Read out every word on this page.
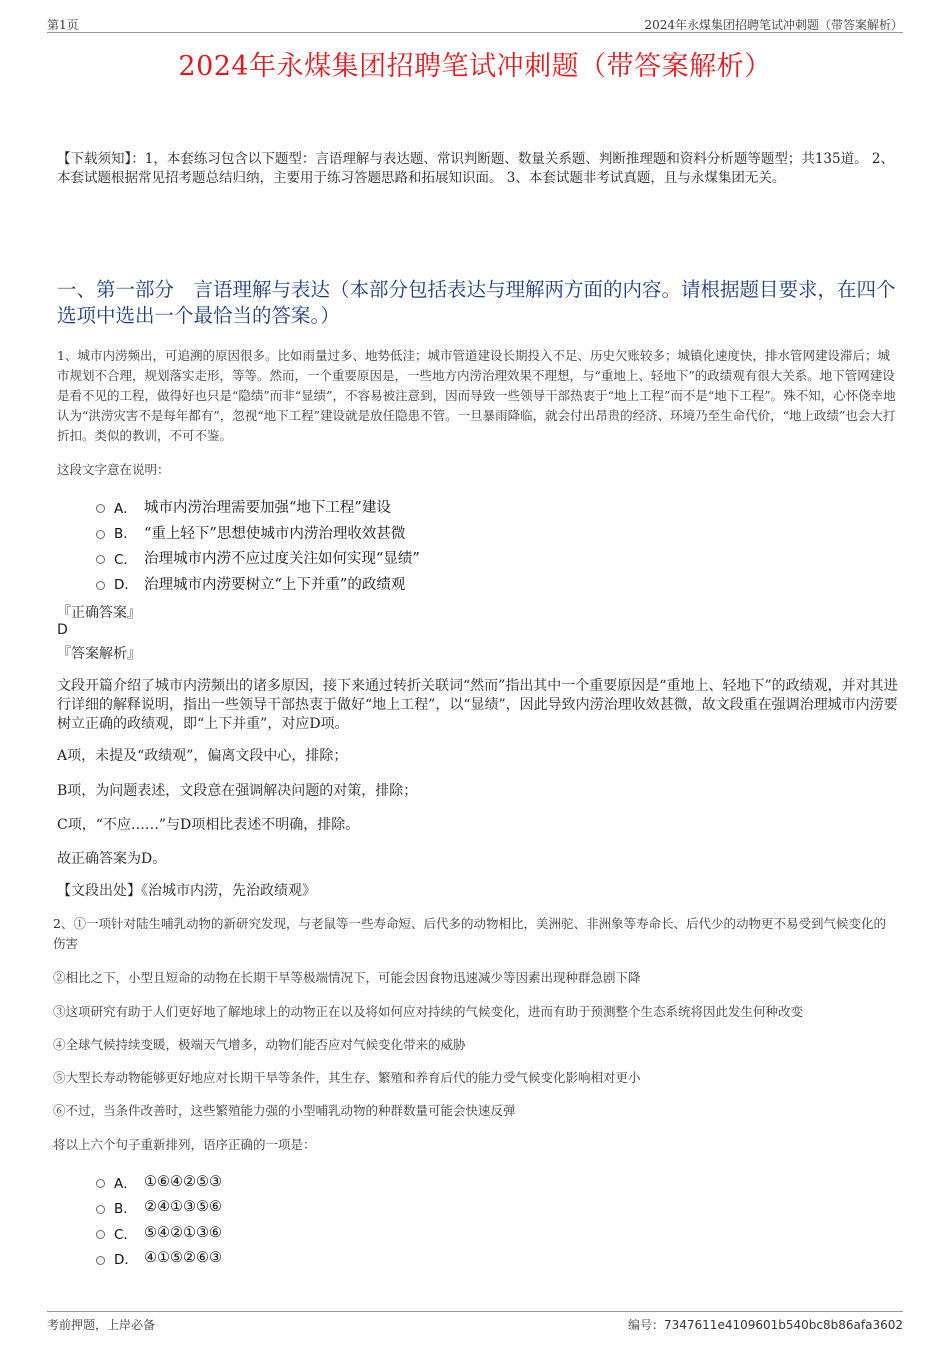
第1页	2024年永煤集团招聘笔试冲刺题（带答案解析）
2024年永煤集团招聘笔试冲刺题（带答案解析）
【下载须知】：1，本套练习包含以下题型：言语理解与表达题、常识判断题、数量关系题、判断推理题和资料分析题等题型；共135道。 2、本套试题根据常见招考题总结归纳，主要用于练习答题思路和拓展知识面。 3、本套试题非考试真题，且与永煤集团无关。
一、第一部分　言语理解与表达（本部分包括表达与理解两方面的内容。请根据题目要求，在四个选项中选出一个最恰当的答案。）
1、城市内涝频出，可追溯的原因很多。比如雨量过多、地势低洼；城市管道建设长期投入不足、历史欠账较多；城镇化速度快，排水管网建设滞后；城市规划不合理，规划落实走形，等等。然而，一个重要原因是，一些地方内涝治理效果不理想，与“重地上、轻地下”的政绩观有很大关系。地下管网建设是看不见的工程，做得好也只是“隐绩”而非“显绩”，不容易被注意到，因而导致一些领导干部热衷于“地上工程”而不是“地下工程”。殊不知，心怀侥幸地认为“洪涝灾害不是每年都有”，忽视“地下工程”建设就是放任隐患不管。一旦暴雨降临，就会付出昂贵的经济、环境乃至生命代价，“地上政绩”也会大打折扣。类似的教训，不可不鉴。
这段文字意在说明：
A． 城市内涝治理需要加强“地下工程”建设
B． “重上轻下”思想使城市内涝治理收效甚微
C． 治理城市内涝不应过度关注如何实现“显绩”
D． 治理城市内涝要树立“上下并重”的政绩观
『正确答案』
D
『答案解析』
文段开篇介绍了城市内涝频出的诸多原因，接下来通过转折关联词“然而”指出其中一个重要原因是“重地上、轻地下”的政绩观，并对其进行详细的解释说明，指出一些领导干部热衷于做好“地上工程”，以“显绩”，因此导致内涝治理收效甚微，故文段重在强调治理城市内涝要树立正确的政绩观，即“上下并重”，对应D项。
A项，未提及“政绩观”，偏离文段中心，排除；
B项，为问题表述，文段意在强调解决问题的对策，排除；
C项，“不应……”与D项相比表述不明确，排除。
故正确答案为D。
【文段出处】《治城市内涝，先治政绩观》
2、①一项针对陆生哺乳动物的新研究发现，与老鼠等一些寿命短、后代多的动物相比，美洲驼、非洲象等寿命长、后代少的动物更不易受到气候变化的伤害
②相比之下，小型且短命的动物在长期干旱等极端情况下，可能会因食物迅速减少等因素出现种群急剧下降
③这项研究有助于人们更好地了解地球上的动物正在以及将如何应对持续的气候变化，进而有助于预测整个生态系统将因此发生何种改变
④全球气候持续变暖，极端天气增多，动物们能否应对气候变化带来的威胁
⑤大型长寿动物能够更好地应对长期干旱等条件，其生存、繁殖和养育后代的能力受气候变化影响相对更小
⑥不过，当条件改善时，这些繁殖能力强的小型哺乳动物的种群数量可能会快速反弹
将以上六个句子重新排列，语序正确的一项是：
A． ①⑥④②⑤③
B． ②④①③⑤⑥
C． ⑤④②①③⑥
D． ④①⑤②⑥③
考前押题，上岸必备	编号：7347611e4109601b540bc8b86afa3602
